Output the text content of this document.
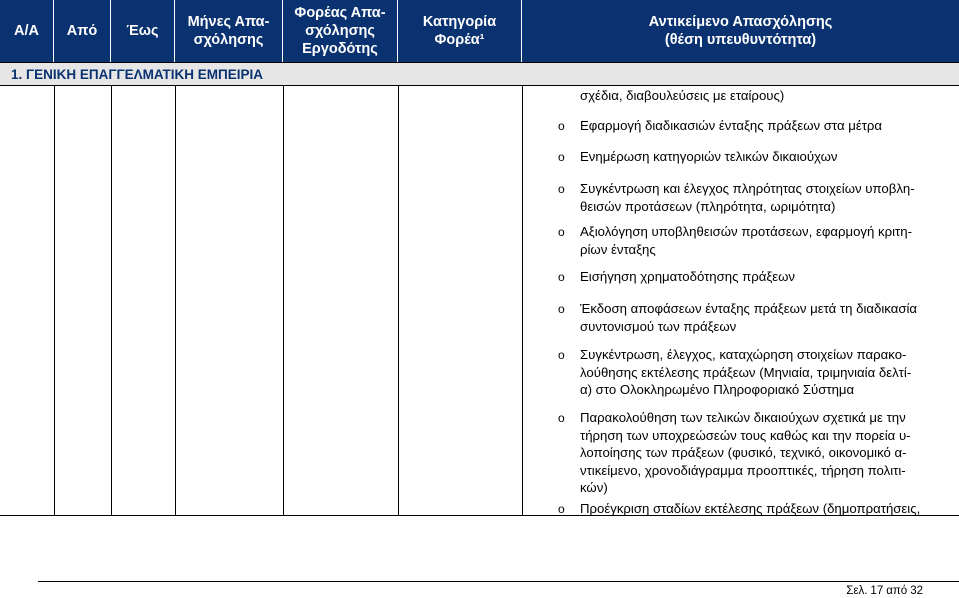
Α/Α	Από	Έως
Μήνες Απα-
σχόλησης
Φορέας Απα-
σχόλησης
Εργοδότης
Κατηγορία
Φορέα¹
Αντικείμενο Απασχόλησης
(θέση υπευθυντότητα)
1. ΓΕΝΙΚΗ ΕΠΑΓΓΕΛΜΑΤΙΚΗ ΕΜΠΕΙΡΙΑ
σχέδια, διαβουλεύσεις με εταίρους)
o Εφαρμογή διαδικασιών ένταξης πράξεων στα μέτρα
o Ενημέρωση κατηγοριών τελικών δικαιούχων
o Συγκέντρωση και έλεγχος πληρότητας στοιχείων υποβλη-
θεισών προτάσεων (πληρότητα, ωριμότητα)
o Αξιολόγηση υποβληθεισών προτάσεων, εφαρμογή κριτη-
ρίων ένταξης
o Εισήγηση χρηματοδότησης πράξεων
o Έκδοση αποφάσεων ένταξης πράξεων μετά τη διαδικασία
συντονισμού των πράξεων
o Συγκέντρωση, έλεγχος, καταχώρηση στοιχείων παρακο-
λούθησης εκτέλεσης πράξεων (Μηνιαία, τριμηνιαία δελτί-
α) στο Ολοκληρωμένο Πληροφοριακό Σύστημα
o Παρακολούθηση των τελικών δικαιούχων σχετικά με την
τήρηση των υποχρεώσεών τους καθώς και την πορεία υ-
λοποίησης των πράξεων (φυσικό, τεχνικό, οικονομικό α-
ντικείμενο, χρονοδιάγραμμα προοπτικές, τήρηση πολιτι-
κών)
o Προέγκριση σταδίων εκτέλεσης πράξεων (δημοπρατήσεις,
Σελ. 17 από 32
